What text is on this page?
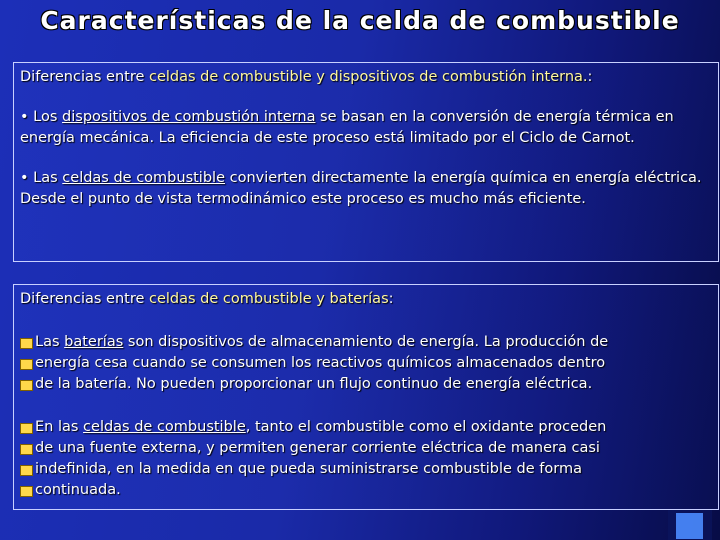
Características de la celda de combustible

Diferencias entre celdas de combustible y dispositivos de combustión interna.:

• Los dispositivos de combustión interna se basan en la conversión de energía térmica en energía mecánica. La eficiencia de este proceso está limitado por el Ciclo de Carnot.

• Las celdas de combustible convierten directamente la energía química en energía eléctrica. Desde el punto de vista termodinámico este proceso es mucho más eficiente.

Diferencias entre celdas de combustible y baterías:

Las baterías son dispositivos de almacenamiento de energía. La producción de
energía cesa cuando se consumen los reactivos químicos almacenados dentro
de la batería. No pueden proporcionar un flujo continuo de energía eléctrica.
En las celdas de combustible, tanto el combustible como el oxidante proceden
de una fuente externa, y permiten generar corriente eléctrica de manera casi
indefinida, en la medida en que pueda suministrarse combustible de forma
continuada.
